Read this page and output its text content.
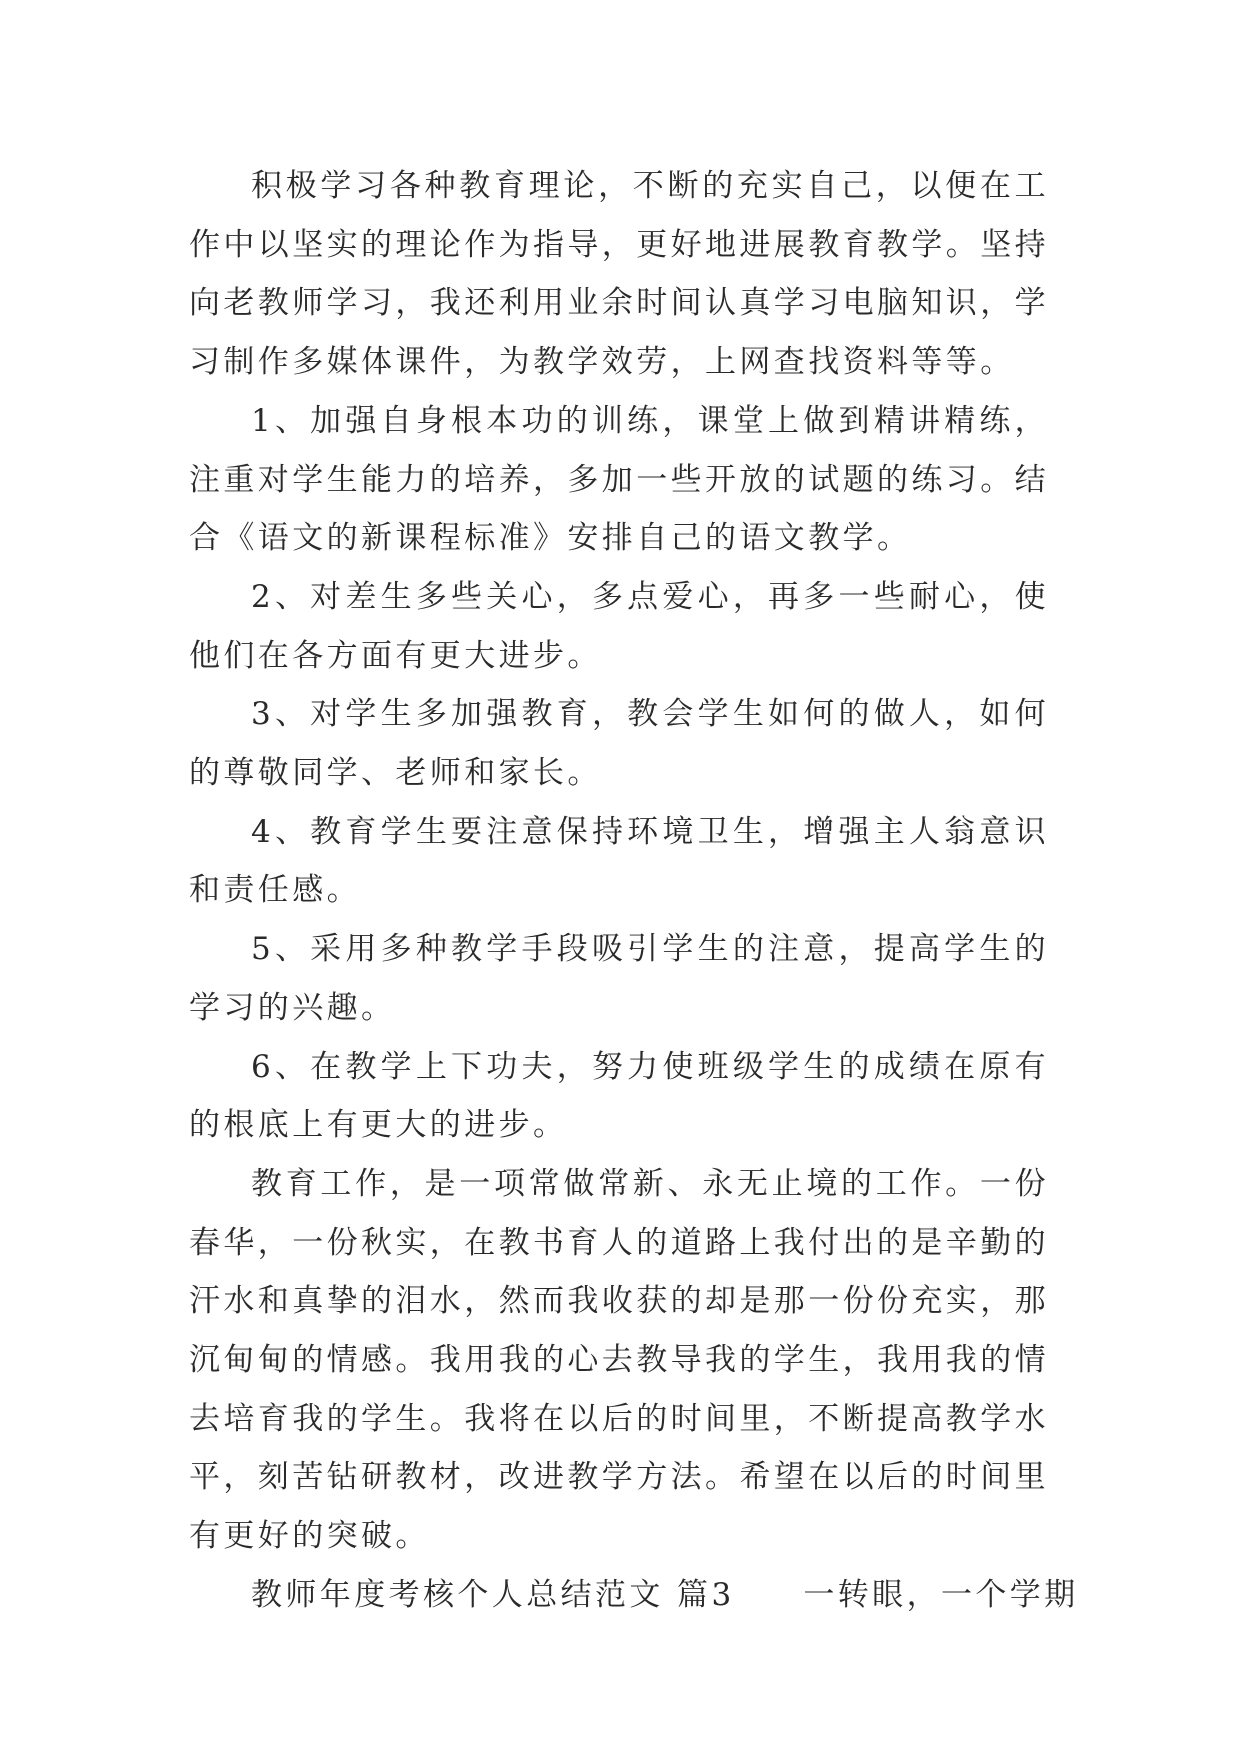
积极学习各种教育理论，不断的充实自己，以便在工作中以坚实的理论作为指导，更好地进展教育教学。坚持向老教师学习，我还利用业余时间认真学习电脑知识，学习制作多媒体课件，为教学效劳，上网查找资料等等。

1、加强自身根本功的训练，课堂上做到精讲精练，注重对学生能力的培养，多加一些开放的试题的练习。结合《语文的新课程标准》安排自己的语文教学。

2、对差生多些关心，多点爱心，再多一些耐心，使他们在各方面有更大进步。

3、对学生多加强教育，教会学生如何的做人，如何的尊敬同学、老师和家长。

4、教育学生要注意保持环境卫生，增强主人翁意识和责任感。

5、采用多种教学手段吸引学生的注意，提高学生的学习的兴趣。

6、在教学上下功夫，努力使班级学生的成绩在原有的根底上有更大的进步。

教育工作，是一项常做常新、永无止境的工作。一份春华，一份秋实，在教书育人的道路上我付出的是辛勤的汗水和真挚的泪水，然而我收获的却是那一份份充实，那沉甸甸的情感。我用我的心去教导我的学生，我用我的情去培育我的学生。我将在以后的时间里，不断提高教学水平，刻苦钻研教材，改进教学方法。希望在以后的时间里有更好的突破。

教师年度考核个人总结范文 篇3　　一转眼，一个学期
